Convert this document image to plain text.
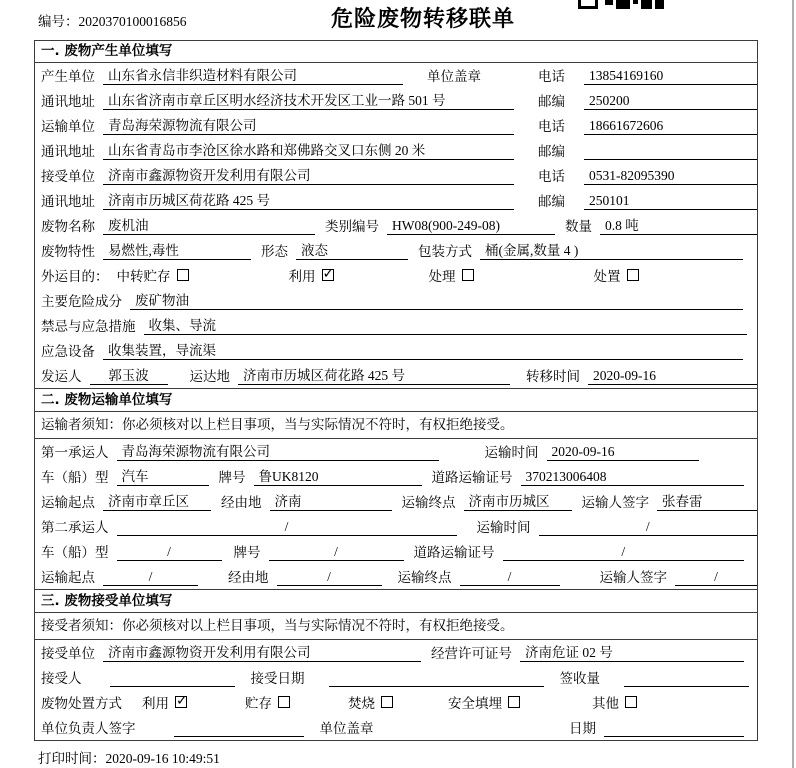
编号：2020370100016856	危险废物转移联单
一. 废物产生单位填写
产生单位 山东省永信非织造材料有限公司	单位盖章	电话	13854169160
通讯地址 山东省济南市章丘区明水经济技术开发区工业一路 501 号	邮编	250200
运输单位 青岛海荣源物流有限公司	电话	18661672606
通讯地址 山东省青岛市李沧区徐水路和郑佛路交叉口东侧 20 米	邮编
接受单位 济南市鑫源物资开发利用有限公司	电话	0531-82095390
通讯地址 济南市历城区荷花路 425 号	邮编	250101
废物名称 废机油	类别编号 HW08(900-249-08)	数量 0.8 吨
废物特性 易燃性,毒性	形态 液态	包装方式 桶(金属,数量 4 )
外运目的： 中转贮存	利用 ✓	处理	处置
主要危险成分 废矿物油
禁忌与应急措施 收集、导流
应急设备 收集装置，导流渠
发运人	郭玉波	运达地 济南市历城区荷花路 425 号	转移时间 2020-09-16
二. 废物运输单位填写
运输者须知：你必须核对以上栏目事项，当与实际情况不符时，有权拒绝接受。
第一承运人 青岛海荣源物流有限公司	运输时间 2020-09-16
车（船）型 汽车	牌号 鲁UK8120	道路运输证号 370213006408
运输起点 济南市章丘区	经由地 济南	运输终点 济南市历城区	运输人签字 张春雷
第二承运人	/	运输时间	/
车（船）型	/	牌号	/	道路运输证号	/
运输起点	/	经由地	/	运输终点	/	运输人签字	/
三. 废物接受单位填写
接受者须知：你必须核对以上栏目事项，当与实际情况不符时，有权拒绝接受。
接受单位 济南市鑫源物资开发利用有限公司	经营许可证号 济南危证 02 号
接受人	接受日期	签收量
废物处置方式 利用 ✓	贮存	焚烧	安全填埋	其他
单位负责人签字	单位盖章	日期
打印时间：2020-09-16 10:49:51
